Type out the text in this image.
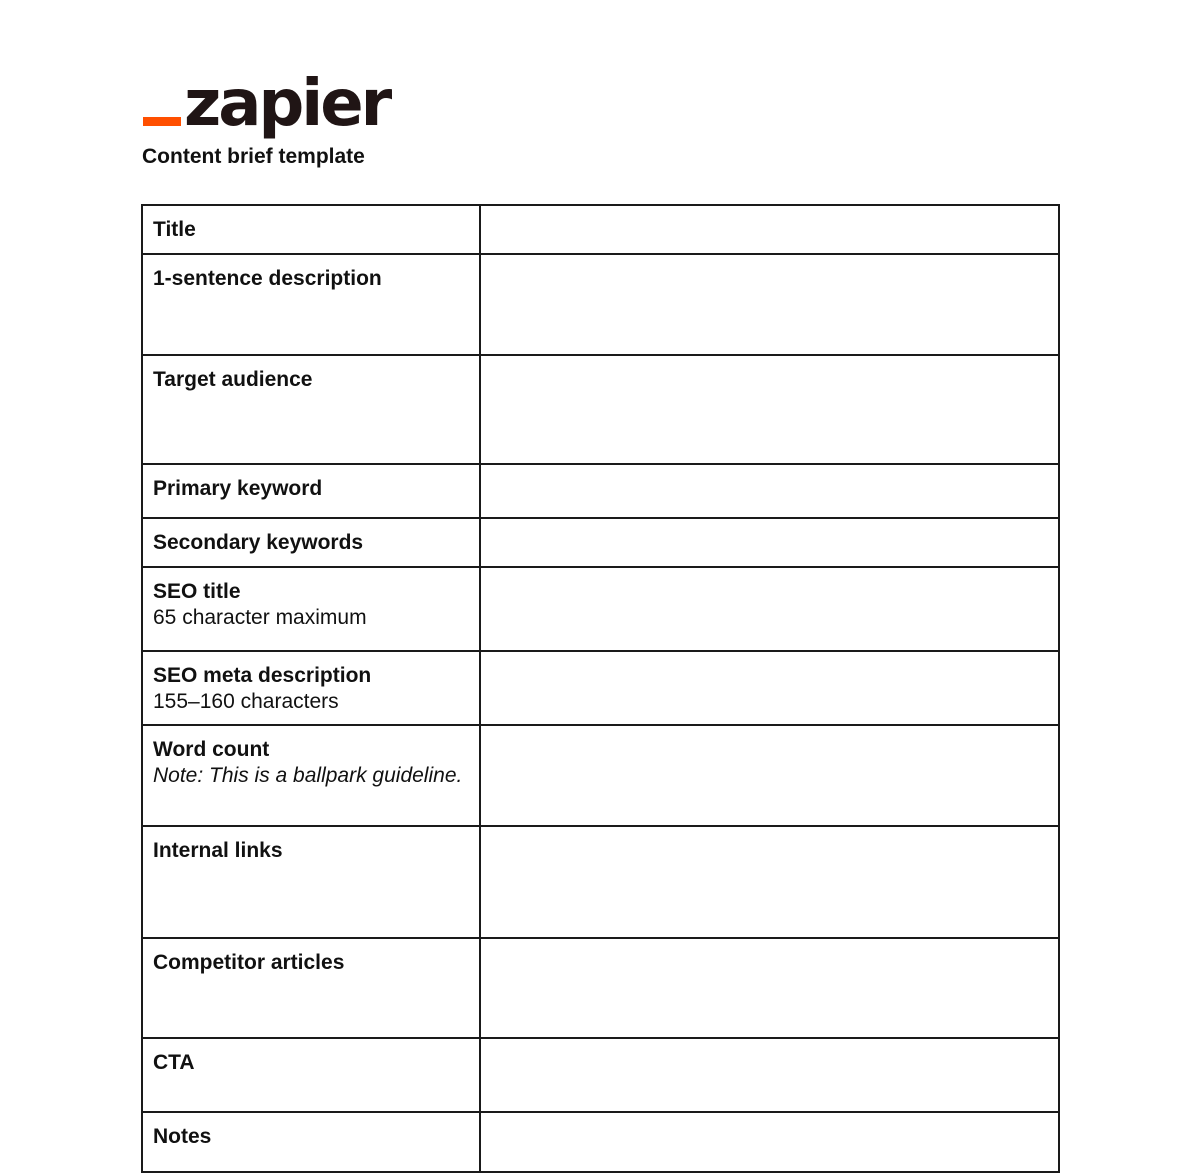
zapier
Content brief template
Title	

1-sentence description	

Target audience	

Primary keyword	

Secondary keywords	

SEO title
65 character maximum	

SEO meta description
155–160 characters	

Word count
Note: This is a ballpark guideline.	

Internal links	

Competitor articles	

CTA	

Notes	
